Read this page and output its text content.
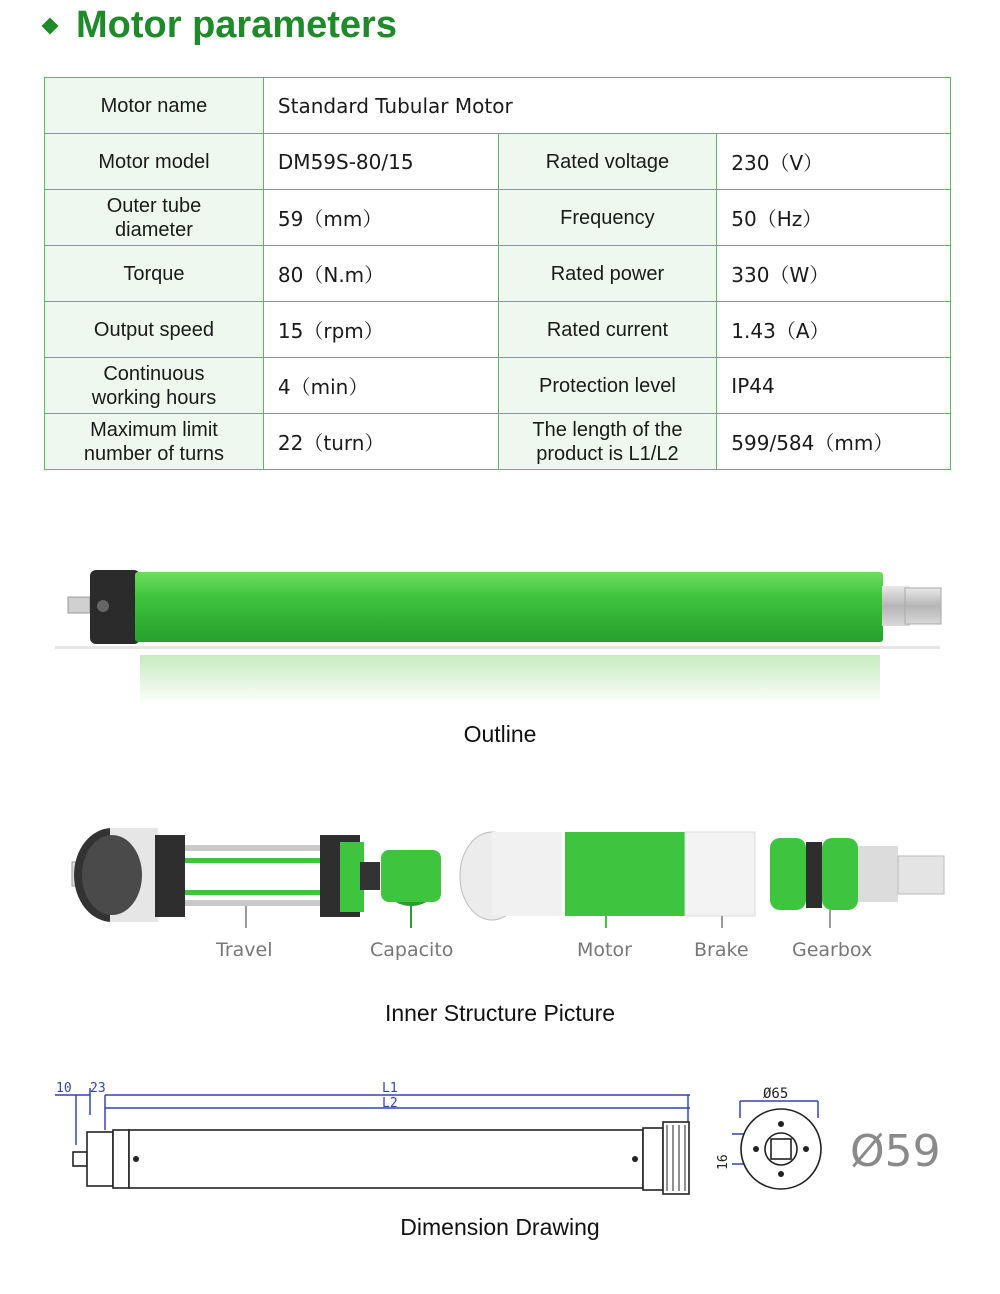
Motor parameters
Motor name	Standard Tubular Motor		
Motor model	DM59S-80/15	Rated voltage	230（V）
Outer tube diameter	59（mm）	Frequency	50（Hz）
Torque	80（N.m）	Rated power	330（W）
Output speed	15（rpm）	Rated current	1.43（A）
Continuous working hours	4（min）	Protection level	IP44
Maximum limit number of turns	22（turn）	The length of the product is L1/L2	599/584（mm）
Outline
Travel	Capacito	Motor	Brake Gearbox
Inner Structure Picture
10 23	L1
L2
Ø65
16	Ø59
Dimension Drawing
